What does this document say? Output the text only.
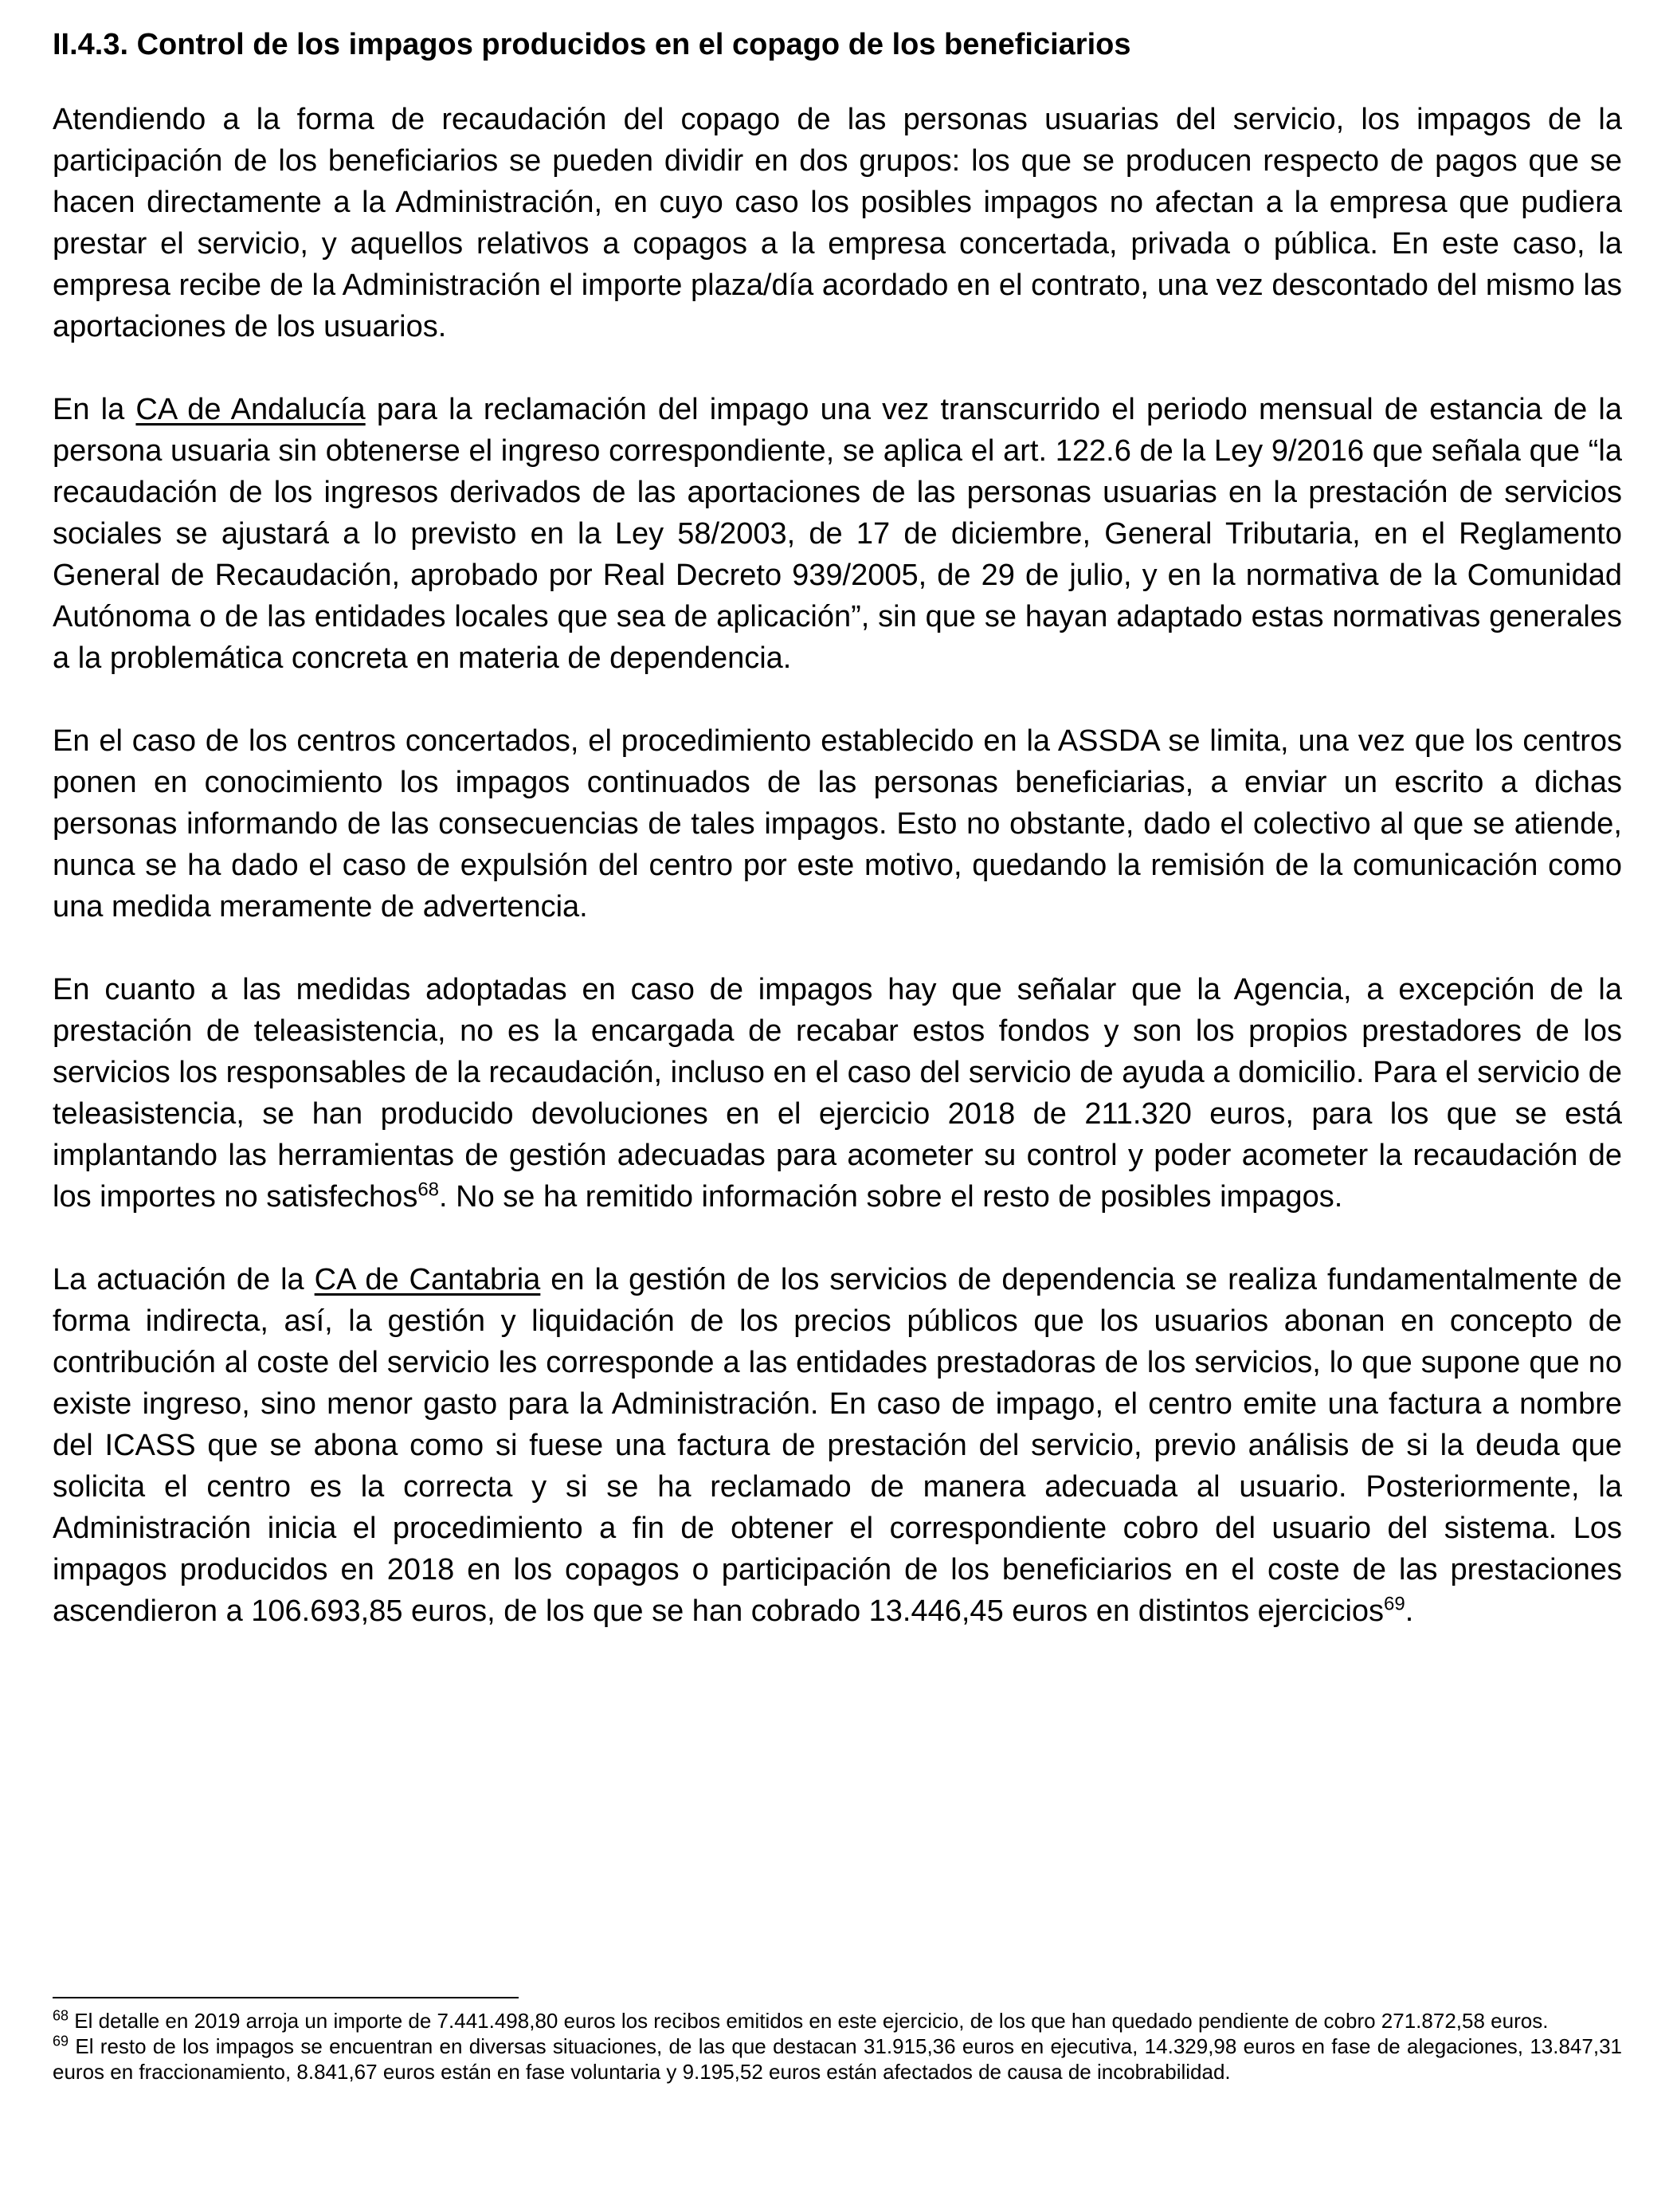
II.4.3. Control de los impagos producidos en el copago de los beneficiarios

Atendiendo a la forma de recaudación del copago de las personas usuarias del servicio, los impagos de la participación de los beneficiarios se pueden dividir en dos grupos: los que se producen respecto de pagos que se hacen directamente a la Administración, en cuyo caso los posibles impagos no afectan a la empresa que pudiera prestar el servicio, y aquellos relativos a copagos a la empresa concertada, privada o pública. En este caso, la empresa recibe de la Administración el importe plaza/día acordado en el contrato, una vez descontado del mismo las aportaciones de los usuarios.

En la CA de Andalucía para la reclamación del impago una vez transcurrido el periodo mensual de estancia de la persona usuaria sin obtenerse el ingreso correspondiente, se aplica el art. 122.6 de la Ley 9/2016 que señala que “la recaudación de los ingresos derivados de las aportaciones de las personas usuarias en la prestación de servicios sociales se ajustará a lo previsto en la Ley 58/2003, de 17 de diciembre, General Tributaria, en el Reglamento General de Recaudación, aprobado por Real Decreto 939/2005, de 29 de julio, y en la normativa de la Comunidad Autónoma o de las entidades locales que sea de aplicación”, sin que se hayan adaptado estas normativas generales a la problemática concreta en materia de dependencia.

En el caso de los centros concertados, el procedimiento establecido en la ASSDA se limita, una vez que los centros ponen en conocimiento los impagos continuados de las personas beneficiarias, a enviar un escrito a dichas personas informando de las consecuencias de tales impagos. Esto no obstante, dado el colectivo al que se atiende, nunca se ha dado el caso de expulsión del centro por este motivo, quedando la remisión de la comunicación como una medida meramente de advertencia.

En cuanto a las medidas adoptadas en caso de impagos hay que señalar que la Agencia, a excepción de la prestación de teleasistencia, no es la encargada de recabar estos fondos y son los propios prestadores de los servicios los responsables de la recaudación, incluso en el caso del servicio de ayuda a domicilio. Para el servicio de teleasistencia, se han producido devoluciones en el ejercicio 2018 de 211.320 euros, para los que se está implantando las herramientas de gestión adecuadas para acometer su control y poder acometer la recaudación de los importes no satisfechos$^{68}$. No se ha remitido información sobre el resto de posibles impagos.

La actuación de la CA de Cantabria en la gestión de los servicios de dependencia se realiza fundamentalmente de forma indirecta, así, la gestión y liquidación de los precios públicos que los usuarios abonan en concepto de contribución al coste del servicio les corresponde a las entidades prestadoras de los servicios, lo que supone que no existe ingreso, sino menor gasto para la Administración. En caso de impago, el centro emite una factura a nombre del ICASS que se abona como si fuese una factura de prestación del servicio, previo análisis de si la deuda que solicita el centro es la correcta y si se ha reclamado de manera adecuada al usuario. Posteriormente, la Administración inicia el procedimiento a fin de obtener el correspondiente cobro del usuario del sistema. Los impagos producidos en 2018 en los copagos o participación de los beneficiarios en el coste de las prestaciones ascendieron a 106.693,85 euros, de los que se han cobrado 13.446,45 euros en distintos ejercicios$^{69}$.

$^{68}$ El detalle en 2019 arroja un importe de 7.441.498,80 euros los recibos emitidos en este ejercicio, de los que han quedado pendiente de cobro 271.872,58 euros.

$^{69}$ El resto de los impagos se encuentran en diversas situaciones, de las que destacan 31.915,36 euros en ejecutiva, 14.329,98 euros en fase de alegaciones, 13.847,31 euros en fraccionamiento, 8.841,67 euros están en fase voluntaria y 9.195,52 euros están afectados de causa de incobrabilidad.
